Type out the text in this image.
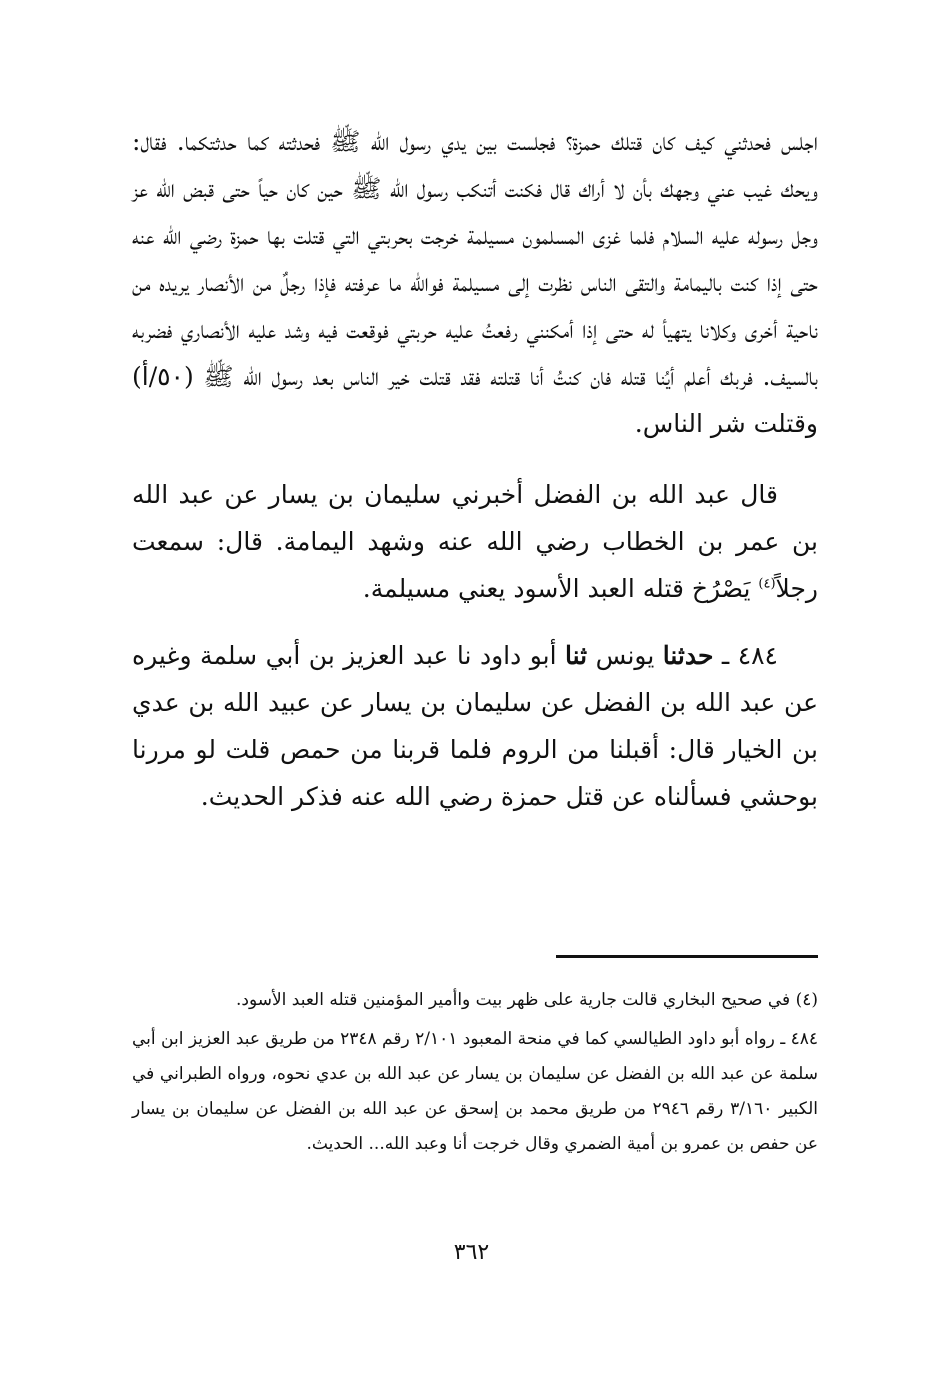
اجلس فحدثني كيف كان قتلك حمزة؟ فجلست بين يدي رسول الله ﷺ فحدثته كما حدثتكما. فقال: ويحك غيب عني وجهك بأن لا أراك قال فكنت أتنكب رسول الله ﷺ حين كان حياً حتى قبض الله عز وجل رسوله عليه السلام فلما غزى المسلمون مسيلمة خرجت بحربتي التي قتلت بها حمزة رضي الله عنه حتى إذا كنت باليمامة والتقى الناس نظرت إلى مسيلمة فوالله ما عرفته فإذا رجلٌ من الأنصار يريده من ناحية أخرى وكلانا يتهيأ له حتى إذا أمكنني رفعتُ عليه حربتي فوقعت فيه وشد عليه الأنصاري فضربه بالسيف. فربك أعلم أيُنا قتله فان كنتُ أنا قتلته فقد قتلت خير الناس بعد رسول الله ﷺ (٥٠/أ) وقتلت شر الناس.

قال عبد الله بن الفضل أخبرني سليمان بن يسار عن عبد الله بن عمر بن الخطاب رضي الله عنه وشهد اليمامة. قال: سمعت رجلاً$^{(٤)}$ يَصْرُخ قتله العبد الأسود يعني مسيلمة.

٤٨٤ ـ حدثنا يونس ثنا أبو داود نا عبد العزيز بن أبي سلمة وغيره عن عبد الله بن الفضل عن سليمان بن يسار عن عبيد الله بن عدي بن الخيار قال: أقبلنا من الروم فلما قربنا من حمص قلت لو مررنا بوحشي فسألناه عن قتل حمزة رضي الله عنه فذكر الحديث.

(٤) في صحيح البخاري قالت جارية على ظهر بيت واأمير المؤمنين قتله العبد الأسود.

٤٨٤ ـ رواه أبو داود الطيالسي كما في منحة المعبود ٢/١٠١ رقم ٢٣٤٨ من طريق عبد العزيز ابن أبي سلمة عن عبد الله بن الفضل عن سليمان بن يسار عن عبد الله بن عدي نحوه، ورواه الطبراني في الكبير ٣/١٦٠ رقم ٢٩٤٦ من طريق محمد بن إسحق عن عبد الله بن الفضل عن سليمان بن يسار عن حفص بن عمرو بن أمية الضمري وقال خرجت أنا وعبد الله... الحديث.

٣٦٢
